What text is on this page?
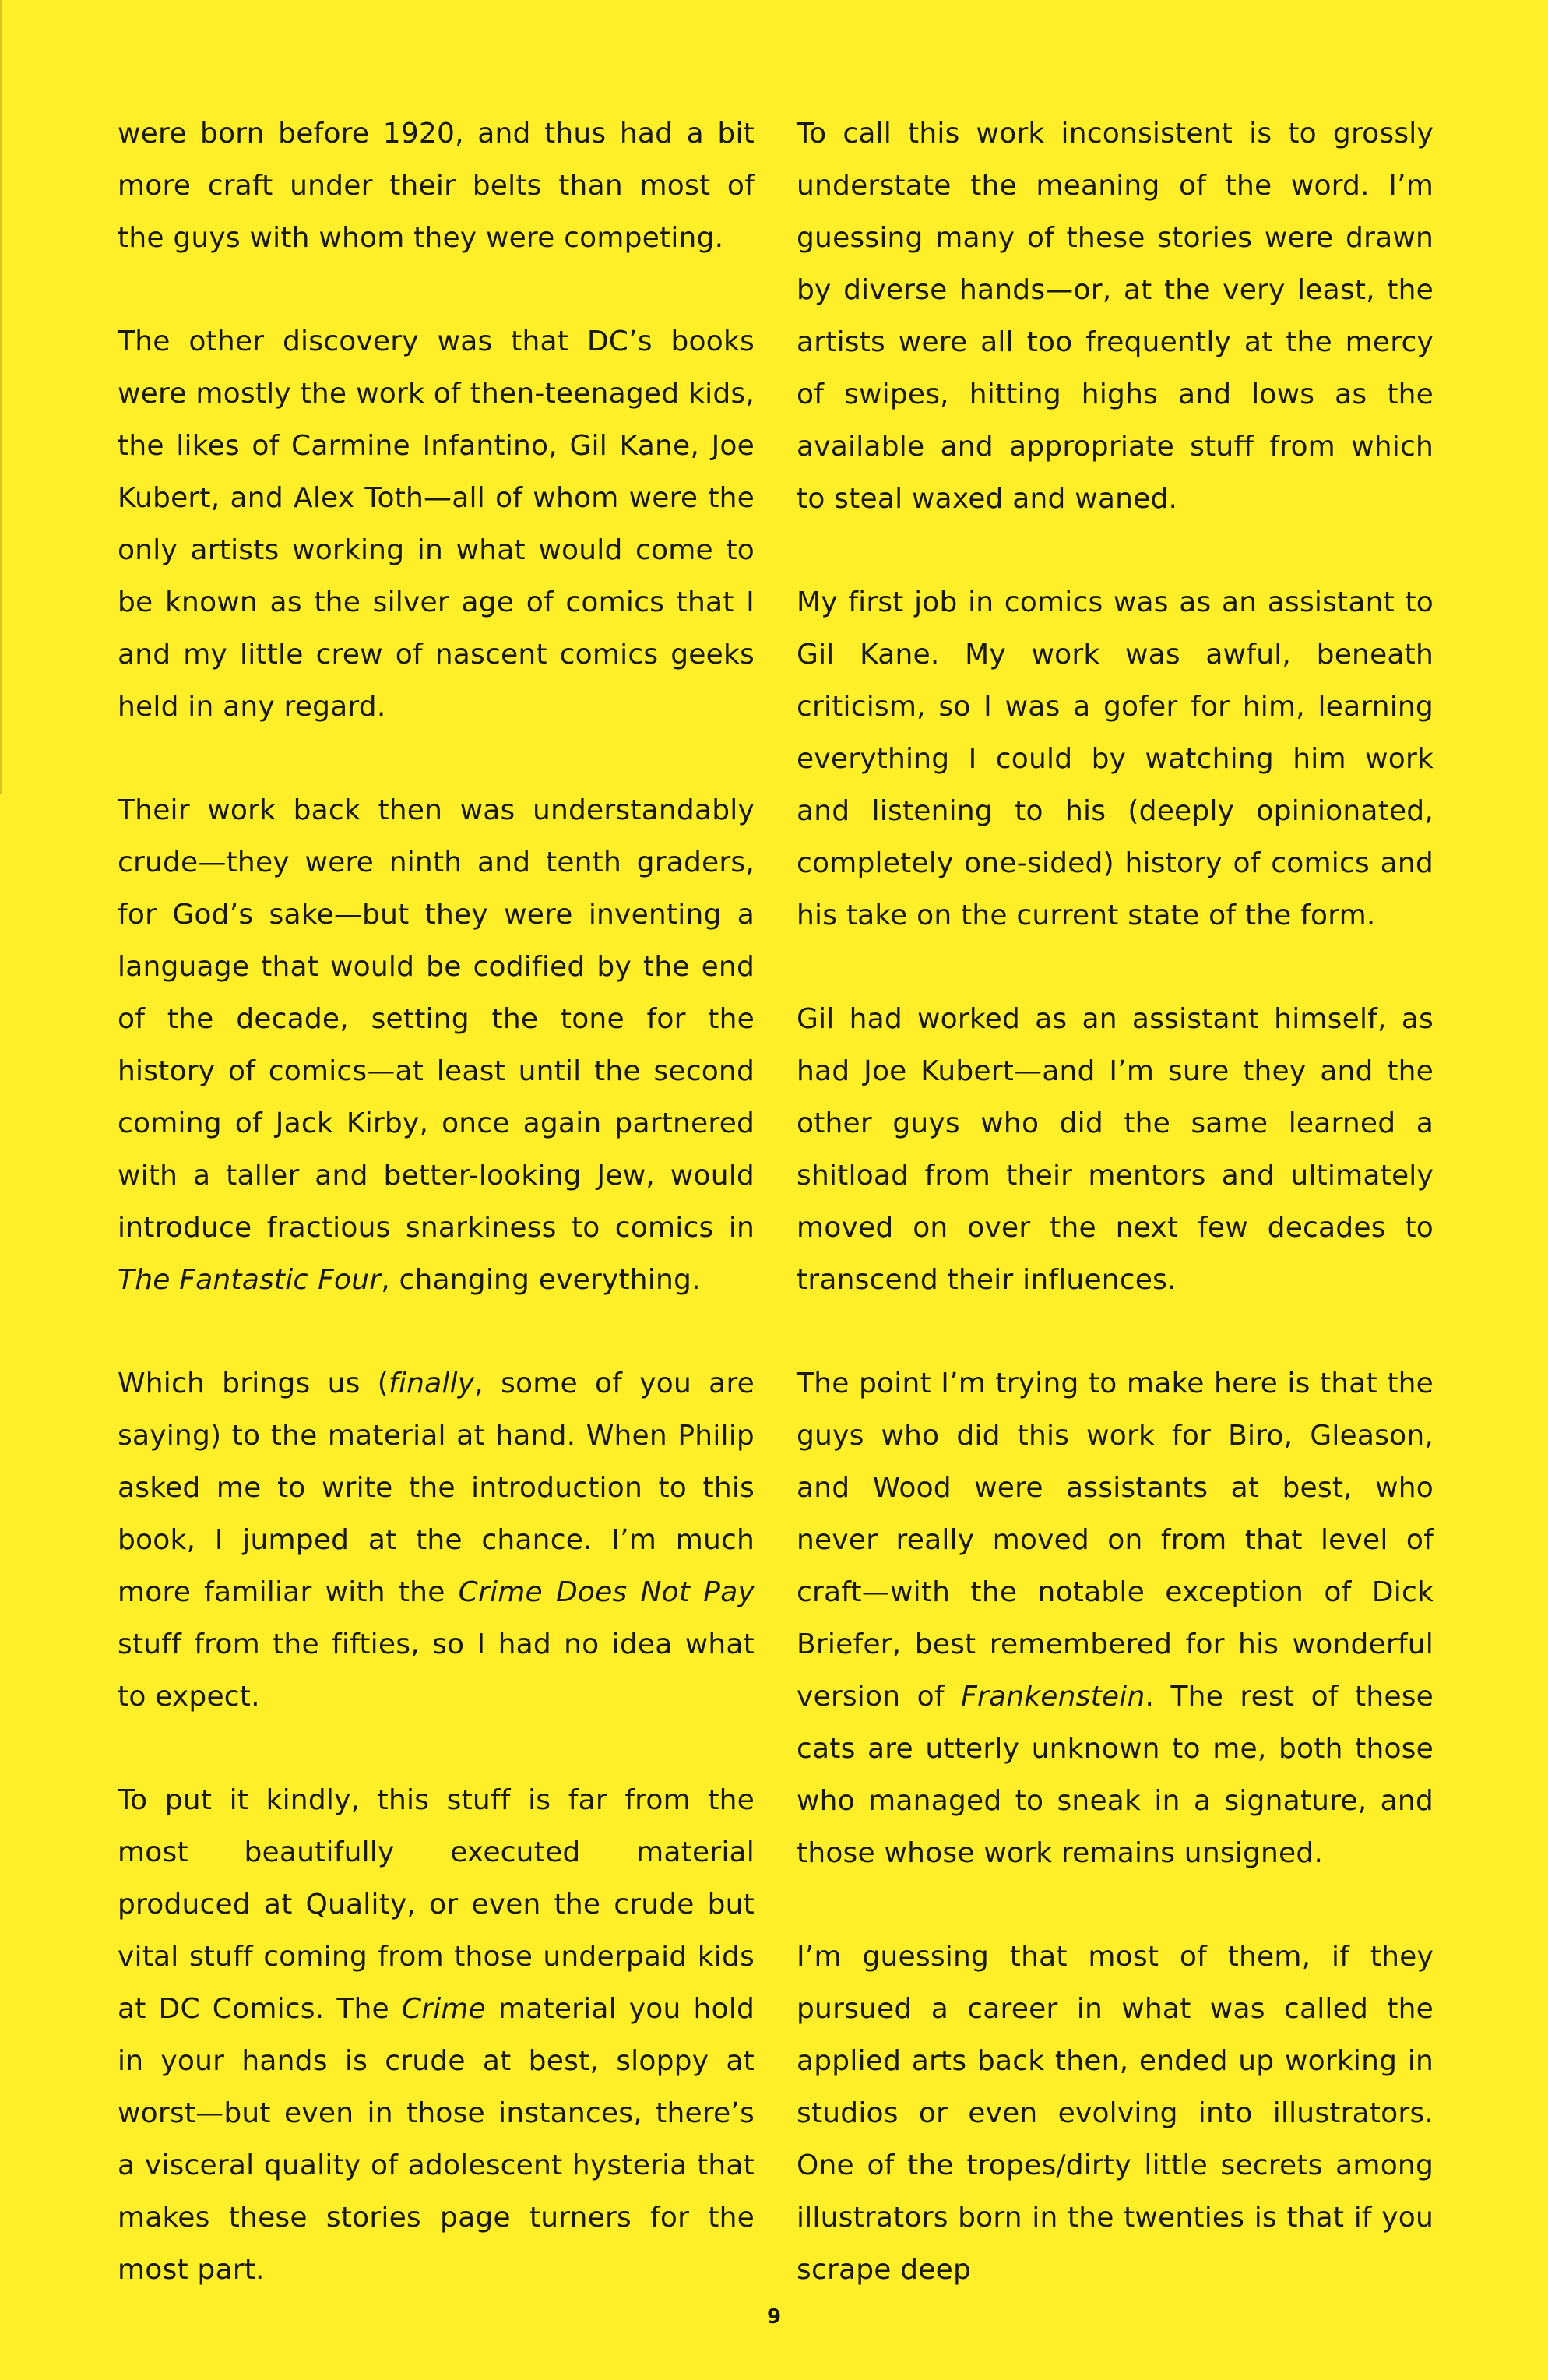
were born before 1920, and thus had a bit more craft under their belts than most of the guys with whom they were competing.

The other discovery was that DC’s books were mostly the work of then-teenaged kids, the likes of Carmine Infantino, Gil Kane, Joe Kubert, and Alex Toth—all of whom were the only artists working in what would come to be known as the silver age of comics that I and my little crew of nascent comics geeks held in any regard.

Their work back then was understandably crude—they were ninth and tenth graders, for God’s sake—but they were inventing a language that would be codified by the end of the decade, setting the tone for the history of comics—at least until the second coming of Jack Kirby, once again partnered with a taller and better-looking Jew, would introduce fractious snarkiness to comics in The Fantastic Four, changing everything.

Which brings us (finally, some of you are saying) to the material at hand. When Philip asked me to write the introduction to this book, I jumped at the chance. I’m much more familiar with the Crime Does Not Pay stuff from the fifties, so I had no idea what to expect.

To put it kindly, this stuff is far from the most beautifully executed material produced at Quality, or even the crude but vital stuff coming from those underpaid kids at DC Comics. The Crime material you hold in your hands is crude at best, sloppy at worst—but even in those instances, there’s a visceral quality of adolescent hysteria that makes these stories page turners for the most part.

To call this work inconsistent is to grossly understate the meaning of the word. I’m guessing many of these stories were drawn by diverse hands—or, at the very least, the artists were all too frequently at the mercy of swipes, hitting highs and lows as the available and appropriate stuff from which to steal waxed and waned.

My first job in comics was as an assistant to Gil Kane. My work was awful, beneath criticism, so I was a gofer for him, learning everything I could by watching him work and listening to his (deeply opinionated, completely one-sided) history of comics and his take on the current state of the form.

Gil had worked as an assistant himself, as had Joe Kubert—and I’m sure they and the other guys who did the same learned a shitload from their mentors and ultimately moved on over the next few decades to transcend their influences.

The point I’m trying to make here is that the guys who did this work for Biro, Gleason, and Wood were assistants at best, who never really moved on from that level of craft—with the notable exception of Dick Briefer, best remembered for his wonderful version of Frankenstein. The rest of these cats are utterly unknown to me, both those who managed to sneak in a signature, and those whose work remains unsigned.

I’m guessing that most of them, if they pursued a career in what was called the applied arts back then, ended up working in studios or even evolving into illustrators. One of the tropes/dirty little secrets among illustrators born in the twenties is that if you scrape deep

9
